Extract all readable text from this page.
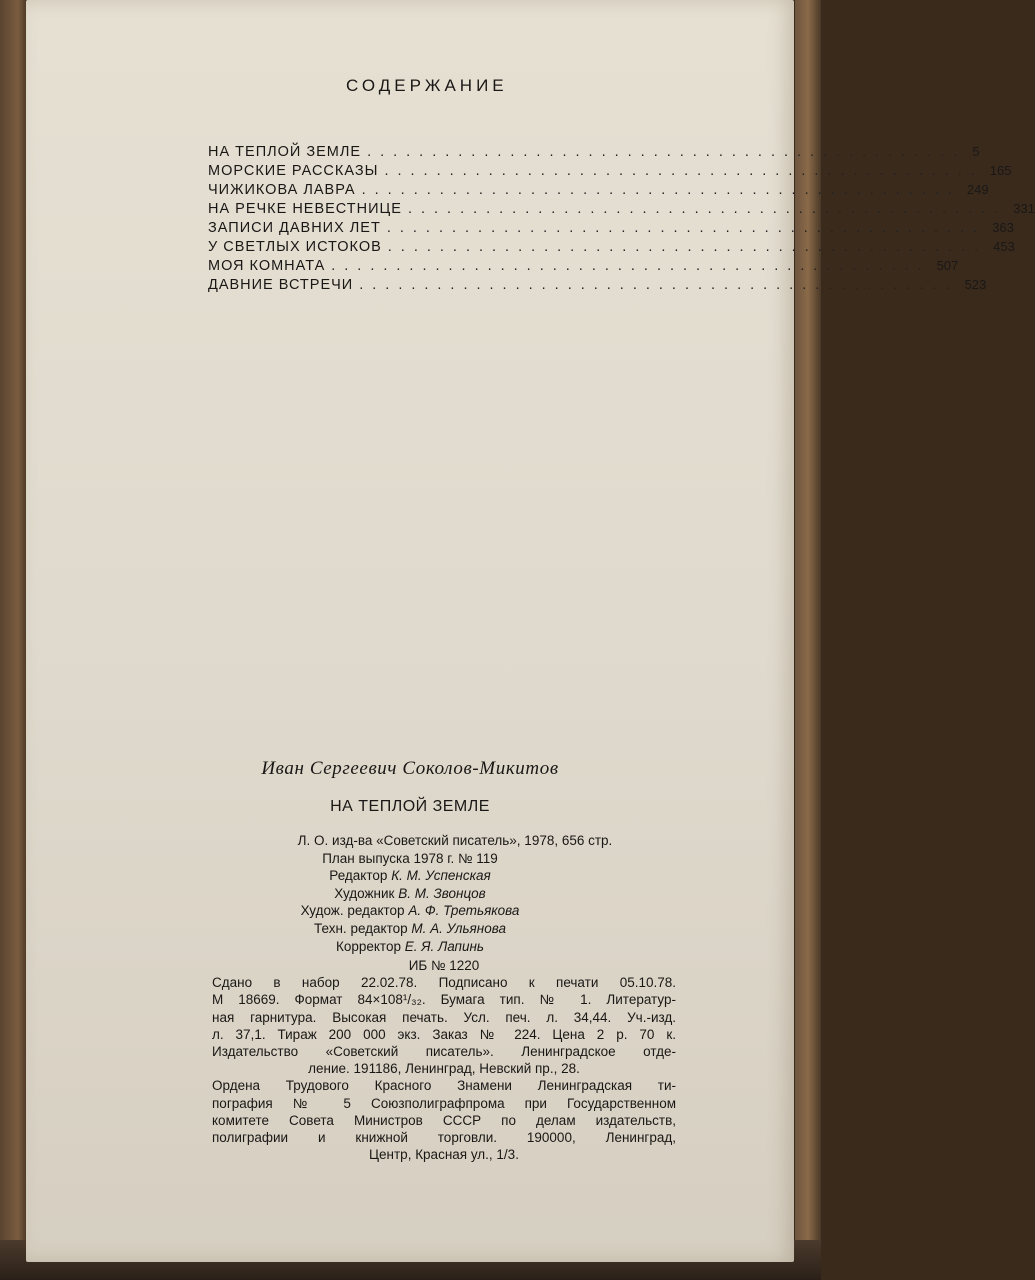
СОДЕРЖАНИЕ
НА ТЕПЛОЙ ЗЕМЛЕ .............................................. 5
МОРСКИЕ РАССКАЗЫ .............................................. 165
ЧИЖИКОВА ЛАВРА .............................................. 249
НА РЕЧКЕ НЕВЕСТНИЦЕ .............................................. 331
ЗАПИСИ ДАВНИХ ЛЕТ .............................................. 363
У СВЕТЛЫХ ИСТОКОВ .............................................. 453
МОЯ КОМНАТА .............................................. 507
ДАВНИЕ ВСТРЕЧИ .............................................. 523
Иван Сергеевич Соколов-Микитов
НА ТЕПЛОЙ ЗЕМЛЕ
Л. О. изд-ва «Советский писатель», 1978, 656 стр.
План выпуска 1978 г. № 119
Редактор К. М. Успенская
Художник В. М. Звонцов
Худож. редактор А. Ф. Третьякова
Техн. редактор М. А. Ульянова
Корректор Е. Я. Лапинь
ИБ № 1220
Сдано в набор 22.02.78. Подписано к печати 05.10.78.
М 18669. Формат 84×108¹/₃₂. Бумага тип. № 1. Литератур-
ная гарнитура. Высокая печать. Усл. печ. л. 34,44. Уч.-изд.
л. 37,1. Тираж 200 000 экз. Заказ № 224. Цена 2 р. 70 к.
Издательство «Советский писатель». Ленинградское отде-
ление. 191186, Ленинград, Невский пр., 28.
Ордена Трудового Красного Знамени Ленинградская ти-
пография № 5 Союзполиграфпрома при Государственном
комитете Совета Министров СССР по делам издательств,
полиграфии и книжной торговли. 190000, Ленинград,
Центр, Красная ул., 1/3.
